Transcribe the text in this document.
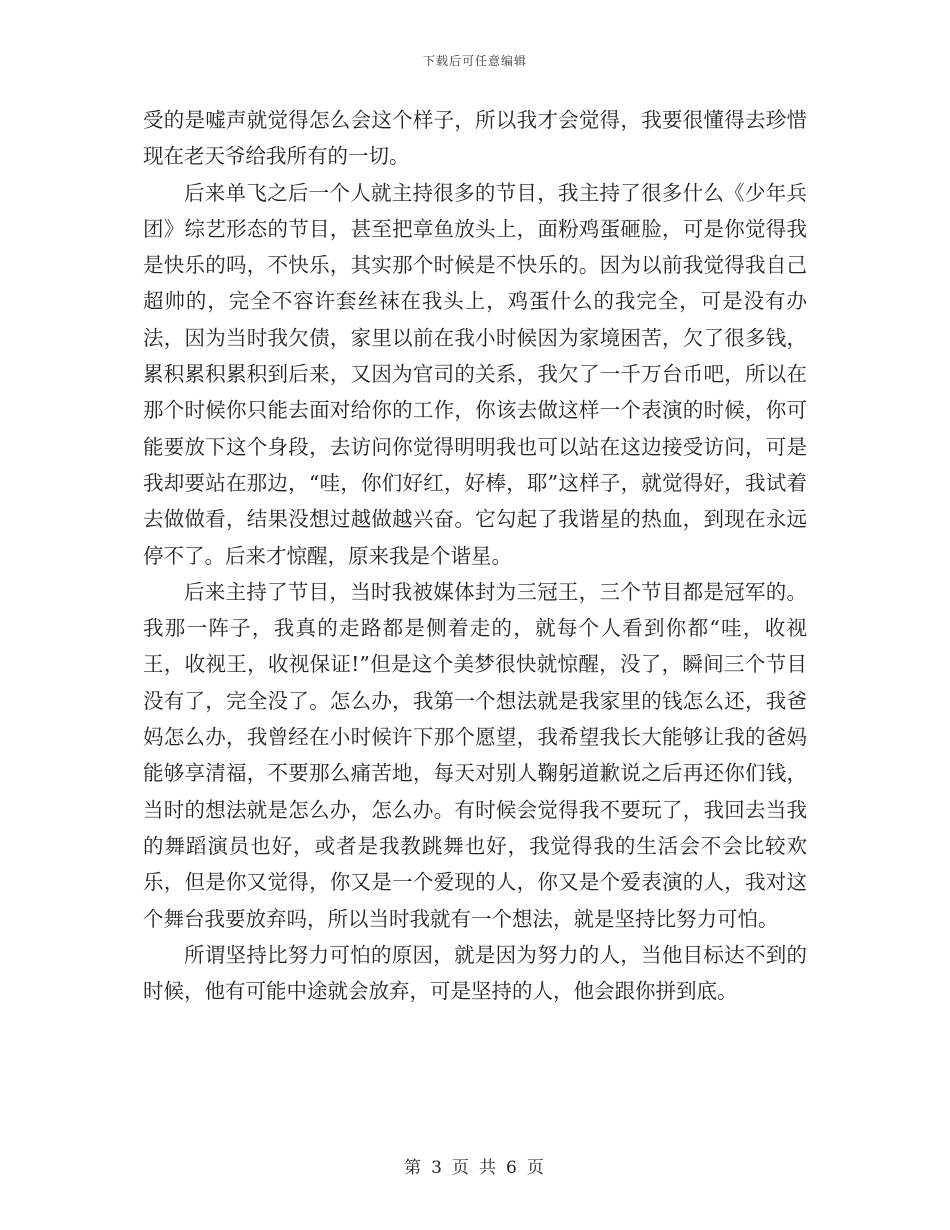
下载后可任意编辑

受的是嘘声就觉得怎么会这个样子，所以我才会觉得，我要很懂得去珍惜现在老天爷给我所有的一切。

后来单飞之后一个人就主持很多的节目，我主持了很多什么《少年兵团》综艺形态的节目，甚至把章鱼放头上，面粉鸡蛋砸脸，可是你觉得我是快乐的吗，不快乐，其实那个时候是不快乐的。因为以前我觉得我自己超帅的，完全不容许套丝袜在我头上，鸡蛋什么的我完全，可是没有办法，因为当时我欠债，家里以前在我小时候因为家境困苦，欠了很多钱，累积累积累积到后来，又因为官司的关系，我欠了一千万台币吧，所以在那个时候你只能去面对给你的工作，你该去做这样一个表演的时候，你可能要放下这个身段，去访问你觉得明明我也可以站在这边接受访问，可是我却要站在那边，“哇，你们好红，好棒，耶”这样子，就觉得好，我试着去做做看，结果没想过越做越兴奋。它勾起了我谐星的热血，到现在永远停不了。后来才惊醒，原来我是个谐星。

后来主持了节目，当时我被媒体封为三冠王，三个节目都是冠军的。我那一阵子，我真的走路都是侧着走的，就每个人看到你都“哇，收视王，收视王，收视保证!”但是这个美梦很快就惊醒，没了，瞬间三个节目没有了，完全没了。怎么办，我第一个想法就是我家里的钱怎么还，我爸妈怎么办，我曾经在小时候许下那个愿望，我希望我长大能够让我的爸妈能够享清福，不要那么痛苦地，每天对别人鞠躬道歉说之后再还你们钱，当时的想法就是怎么办，怎么办。有时候会觉得我不要玩了，我回去当我的舞蹈演员也好，或者是我教跳舞也好，我觉得我的生活会不会比较欢乐，但是你又觉得，你又是一个爱现的人，你又是个爱表演的人，我对这个舞台我要放弃吗，所以当时我就有一个想法，就是坚持比努力可怕。

所谓坚持比努力可怕的原因，就是因为努力的人，当他目标达不到的时候，他有可能中途就会放弃，可是坚持的人，他会跟你拼到底。

第 3 页 共 6 页
